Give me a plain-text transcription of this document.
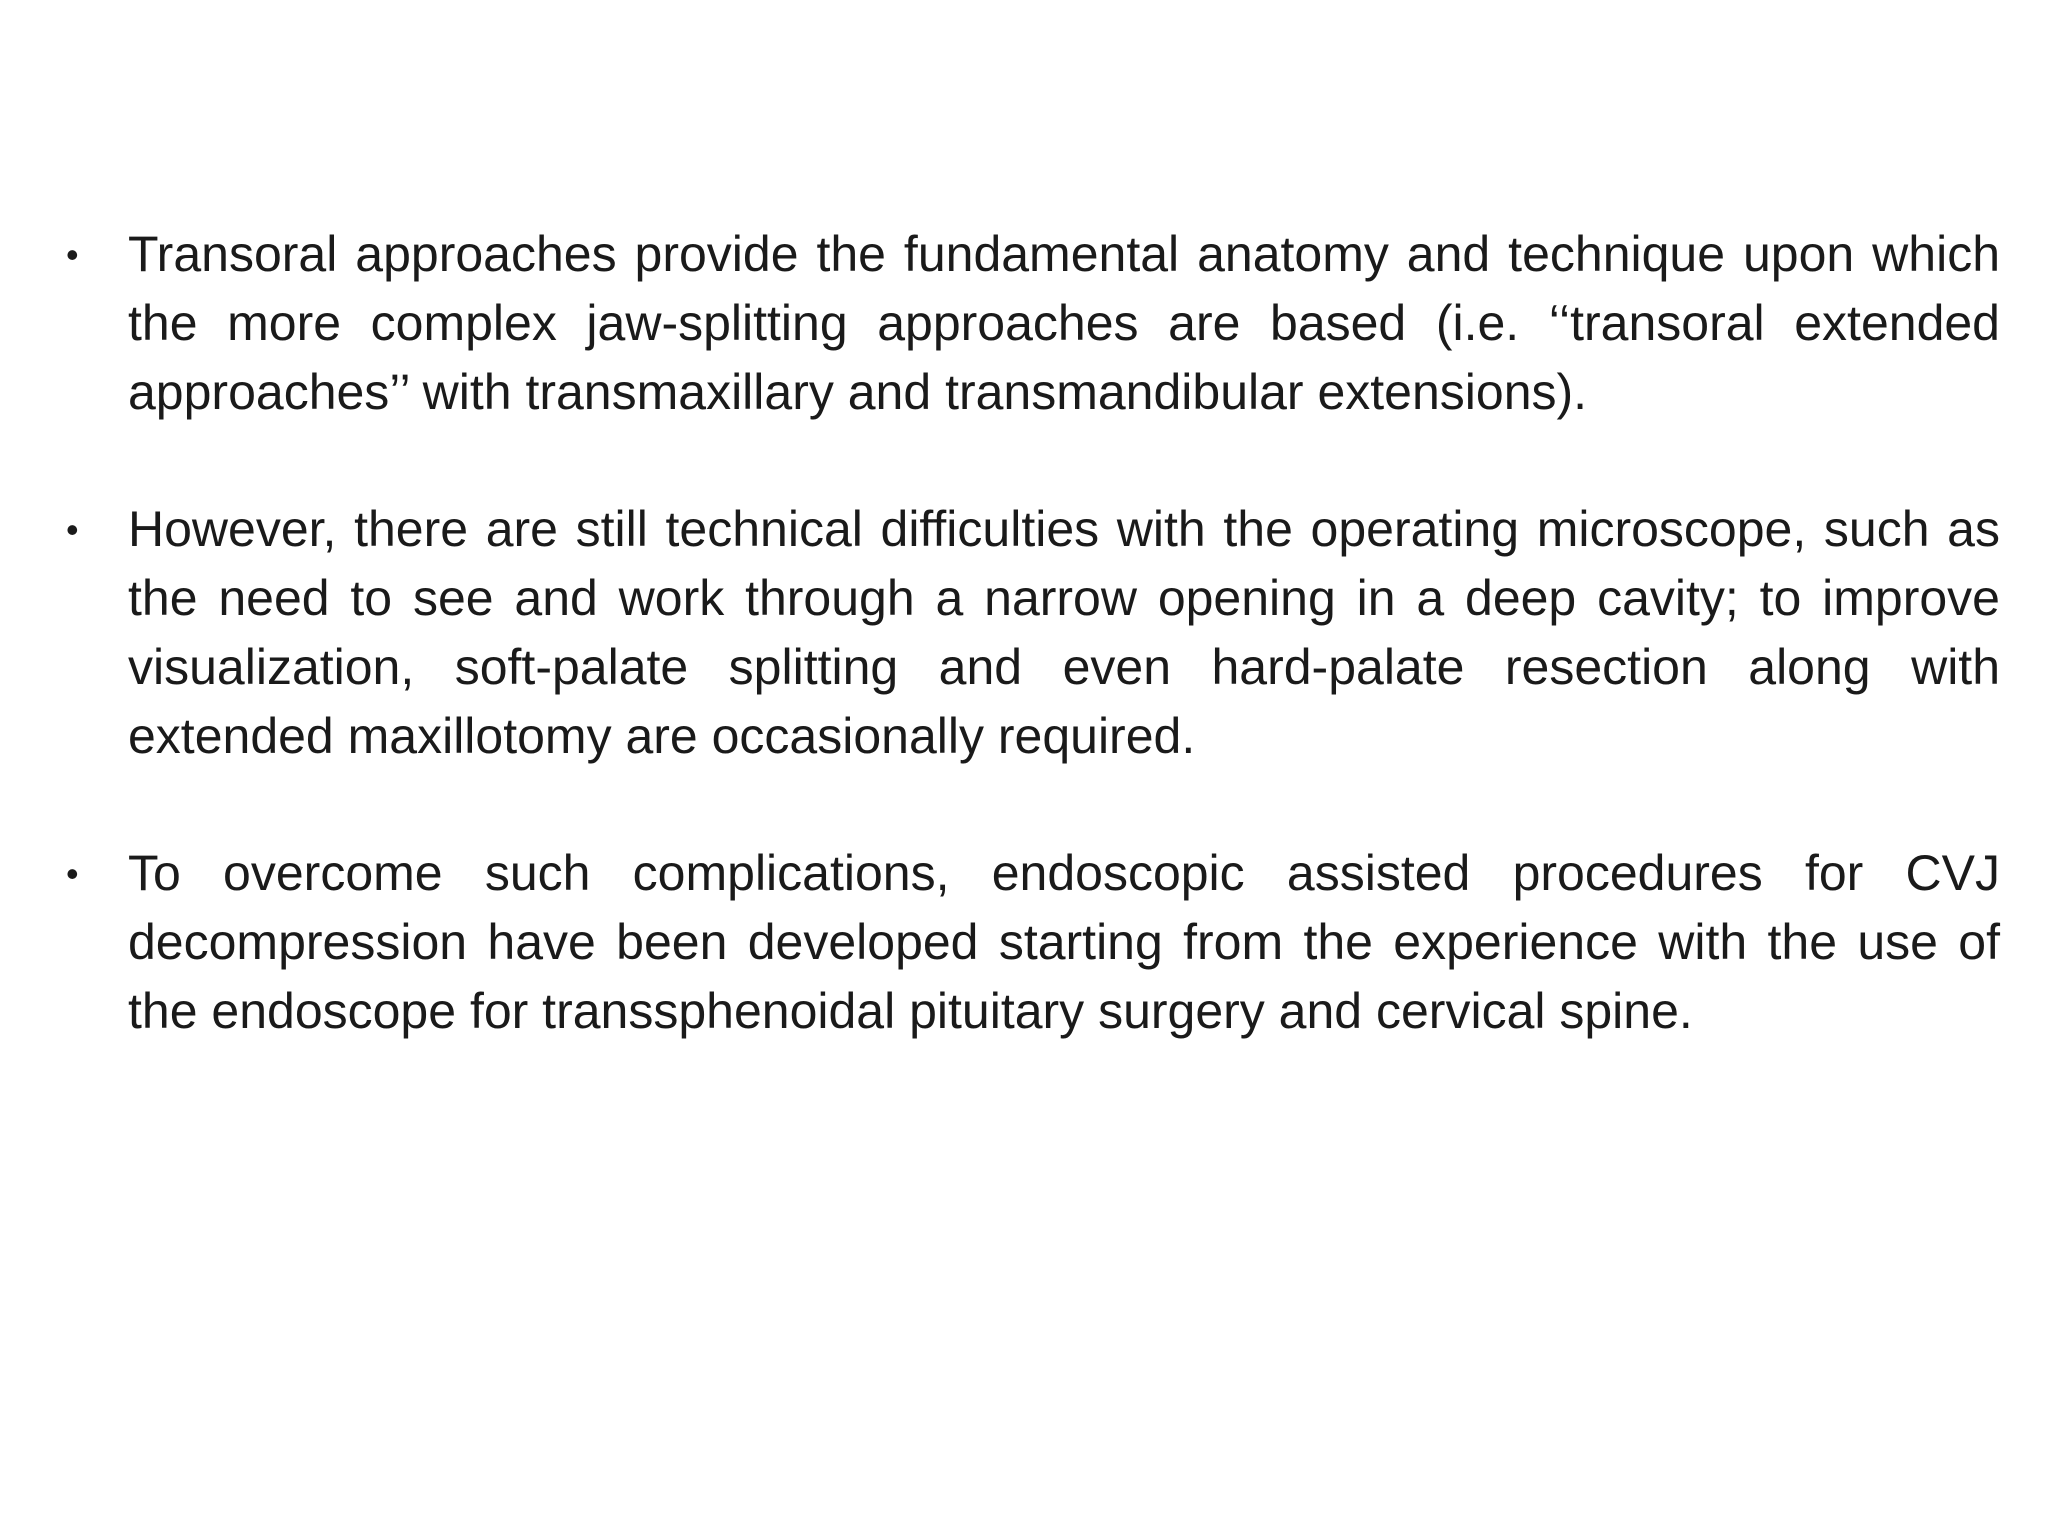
• Transoral approaches provide the fundamental anatomy and technique upon which the more complex jaw-splitting approaches are based (i.e. ‘‘transoral extended approaches’’ with transmaxillary and transmandibular extensions).
• However, there are still technical difficulties with the operating microscope, such as the need to see and work through a narrow opening in a deep cavity; to improve visualization, soft-palate splitting and even hard-palate resection along with extended maxillotomy are occasionally required.
• To overcome such complications, endoscopic assisted procedures for CVJ decompression have been developed starting from the experience with the use of the endoscope for transsphenoidal pituitary surgery and cervical spine.
